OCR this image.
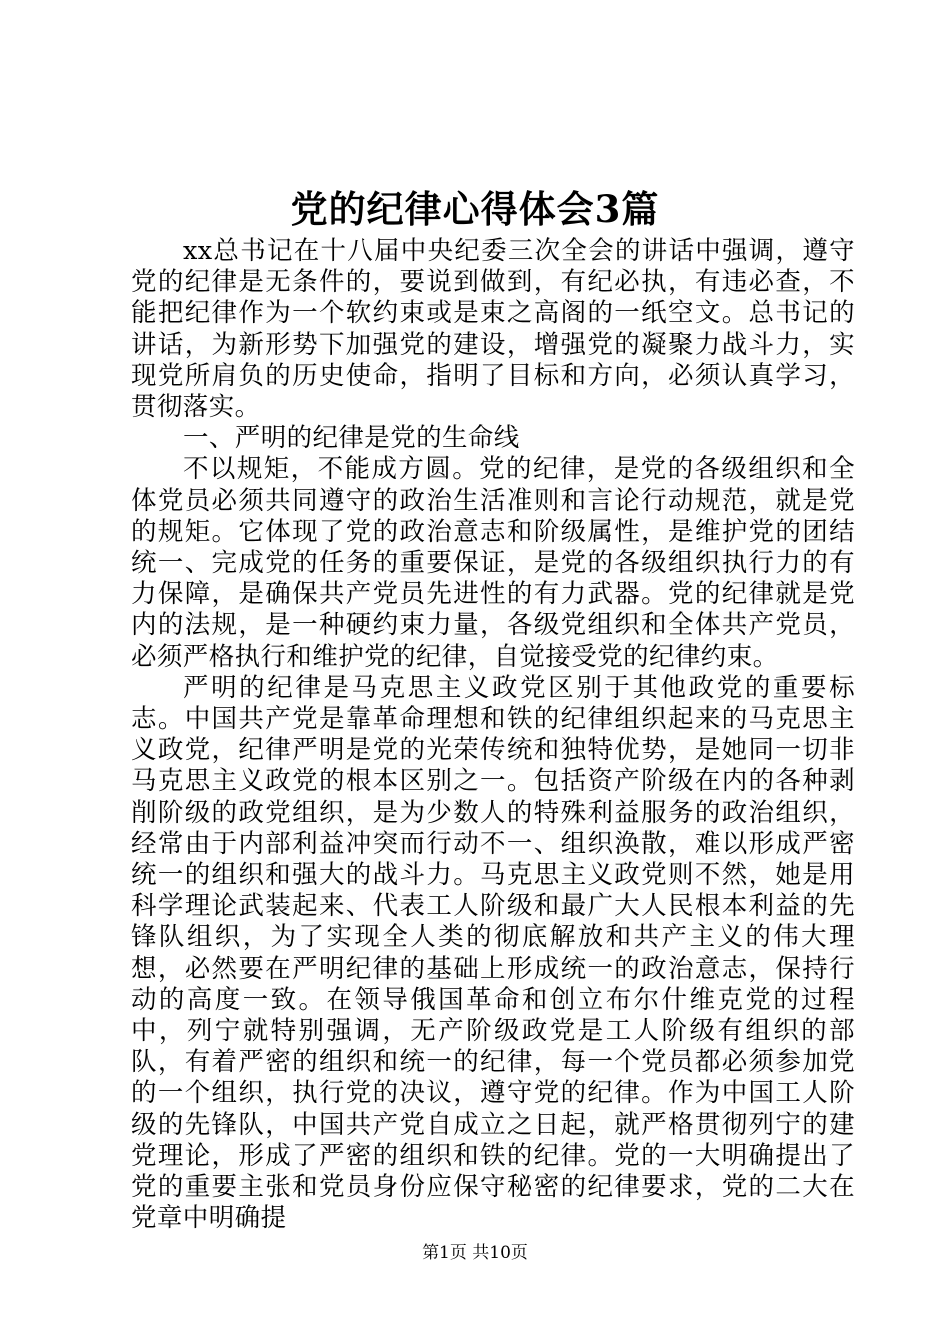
党的纪律心得体会3篇

xx总书记在十八届中央纪委三次全会的讲话中强调，遵守党的纪律是无条件的，要说到做到，有纪必执，有违必查，不能把纪律作为一个软约束或是束之高阁的一纸空文。总书记的讲话，为新形势下加强党的建设，增强党的凝聚力战斗力，实现党所肩负的历史使命，指明了目标和方向，必须认真学习，贯彻落实。

一、严明的纪律是党的生命线

不以规矩，不能成方圆。党的纪律，是党的各级组织和全体党员必须共同遵守的政治生活准则和言论行动规范，就是党的规矩。它体现了党的政治意志和阶级属性，是维护党的团结统一、完成党的任务的重要保证，是党的各级组织执行力的有力保障，是确保共产党员先进性的有力武器。党的纪律就是党内的法规，是一种硬约束力量，各级党组织和全体共产党员，必须严格执行和维护党的纪律，自觉接受党的纪律约束。

严明的纪律是马克思主义政党区别于其他政党的重要标志。中国共产党是靠革命理想和铁的纪律组织起来的马克思主义政党，纪律严明是党的光荣传统和独特优势，是她同一切非马克思主义政党的根本区别之一。包括资产阶级在内的各种剥削阶级的政党组织，是为少数人的特殊利益服务的政治组织，经常由于内部利益冲突而行动不一、组织涣散，难以形成严密统一的组织和强大的战斗力。马克思主义政党则不然，她是用科学理论武装起来、代表工人阶级和最广大人民根本利益的先锋队组织，为了实现全人类的彻底解放和共产主义的伟大理想，必然要在严明纪律的基础上形成统一的政治意志，保持行动的高度一致。在领导俄国革命和创立布尔什维克党的过程中，列宁就特别强调，无产阶级政党是工人阶级有组织的部队，有着严密的组织和统一的纪律，每一个党员都必须参加党的一个组织，执行党的决议，遵守党的纪律。作为中国工人阶级的先锋队，中国共产党自成立之日起，就严格贯彻列宁的建党理论，形成了严密的组织和铁的纪律。党的一大明确提出了党的重要主张和党员身份应保守秘密的纪律要求，党的二大在党章中明确提

第1页 共10页
